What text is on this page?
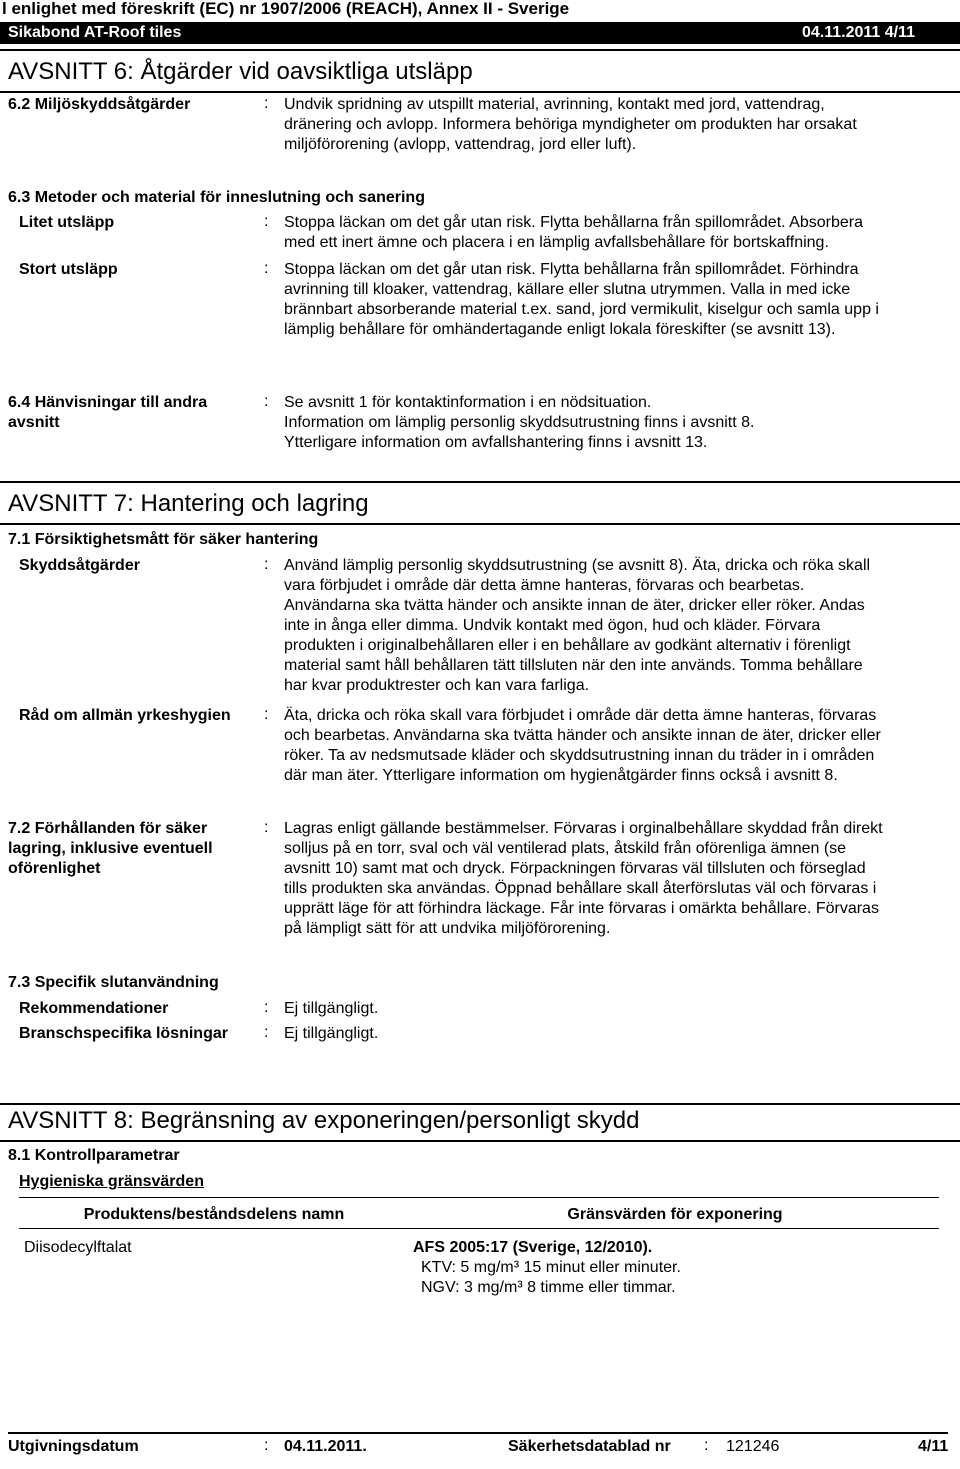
l enlighet med föreskrift (EC) nr 1907/2006 (REACH), Annex II - Sverige
Sikabond AT-Roof tiles	04.11.2011 4/11
AVSNITT 6: Åtgärder vid oavsiktliga utsläpp
6.2 Miljöskyddsåtgärder	: Undvik spridning av utspillt material, avrinning, kontakt med jord, vattendrag,
dränering och avlopp. Informera behöriga myndigheter om produkten har orsakat
miljöförorening (avlopp, vattendrag, jord eller luft).
6.3 Metoder och material för inneslutning och sanering
Litet utsläpp	: Stoppa läckan om det går utan risk. Flytta behållarna från spillområdet. Absorbera
med ett inert ämne och placera i en lämplig avfallsbehållare för bortskaffning.
Stort utsläpp	: Stoppa läckan om det går utan risk. Flytta behållarna från spillområdet. Förhindra
avrinning till kloaker, vattendrag, källare eller slutna utrymmen. Valla in med icke
brännbart absorberande material t.ex. sand, jord vermikulit, kiselgur och samla upp i
lämplig behållare för omhändertagande enligt lokala föreskifter (se avsnitt 13).
6.4 Hänvisningar till andra
avsnitt
: Se avsnitt 1 för kontaktinformation i en nödsituation.
Information om lämplig personlig skyddsutrustning finns i avsnitt 8.
Ytterligare information om avfallshantering finns i avsnitt 13.
AVSNITT 7: Hantering och lagring
7.1 Försiktighetsmått för säker hantering
Skyddsåtgärder	: Använd lämplig personlig skyddsutrustning (se avsnitt 8). Äta, dricka och röka skall
vara förbjudet i område där detta ämne hanteras, förvaras och bearbetas.
Användarna ska tvätta händer och ansikte innan de äter, dricker eller röker. Andas
inte in ånga eller dimma. Undvik kontakt med ögon, hud och kläder. Förvara
produkten i originalbehållaren eller i en behållare av godkänt alternativ i förenligt
material samt håll behållaren tätt tillsluten när den inte används. Tomma behållare
har kvar produktrester och kan vara farliga.
Råd om allmän yrkeshygien : Äta, dricka och röka skall vara förbjudet i område där detta ämne hanteras, förvaras
och bearbetas. Användarna ska tvätta händer och ansikte innan de äter, dricker eller
röker. Ta av nedsmutsade kläder och skyddsutrustning innan du träder in i områden
där man äter. Ytterligare information om hygienåtgärder finns också i avsnitt 8.
7.2 Förhållanden för säker
lagring, inklusive eventuell
oförenlighet
: Lagras enligt gällande bestämmelser. Förvaras i orginalbehållare skyddad från direkt
solljus på en torr, sval och väl ventilerad plats, åtskild från oförenliga ämnen (se
avsnitt 10) samt mat och dryck. Förpackningen förvaras väl tillsluten och förseglad
tills produkten ska användas. Öppnad behållare skall återförslutas väl och förvaras i
upprätt läge för att förhindra läckage. Får inte förvaras i omärkta behållare. Förvaras
på lämpligt sätt för att undvika miljöförorening.
7.3 Specifik slutanvändning
Rekommendationer	: Ej tillgängligt.
Branschspecifika lösningar : Ej tillgängligt.
AVSNITT 8: Begränsning av exponeringen/personligt skydd
8.1 Kontrollparametrar
Hygieniska gränsvärden
Produktens/beståndsdelens namn	Gränsvärden för exponering
Diisodecylftalat	AFS 2005:17 (Sverige, 12/2010).
KTV: 5 mg/m³ 15 minut eller minuter.
NGV: 3 mg/m³ 8 timme eller timmar.
Utgivningsdatum	: 04.11.2011.	Säkerhetsdatablad nr : 121246	4/11
